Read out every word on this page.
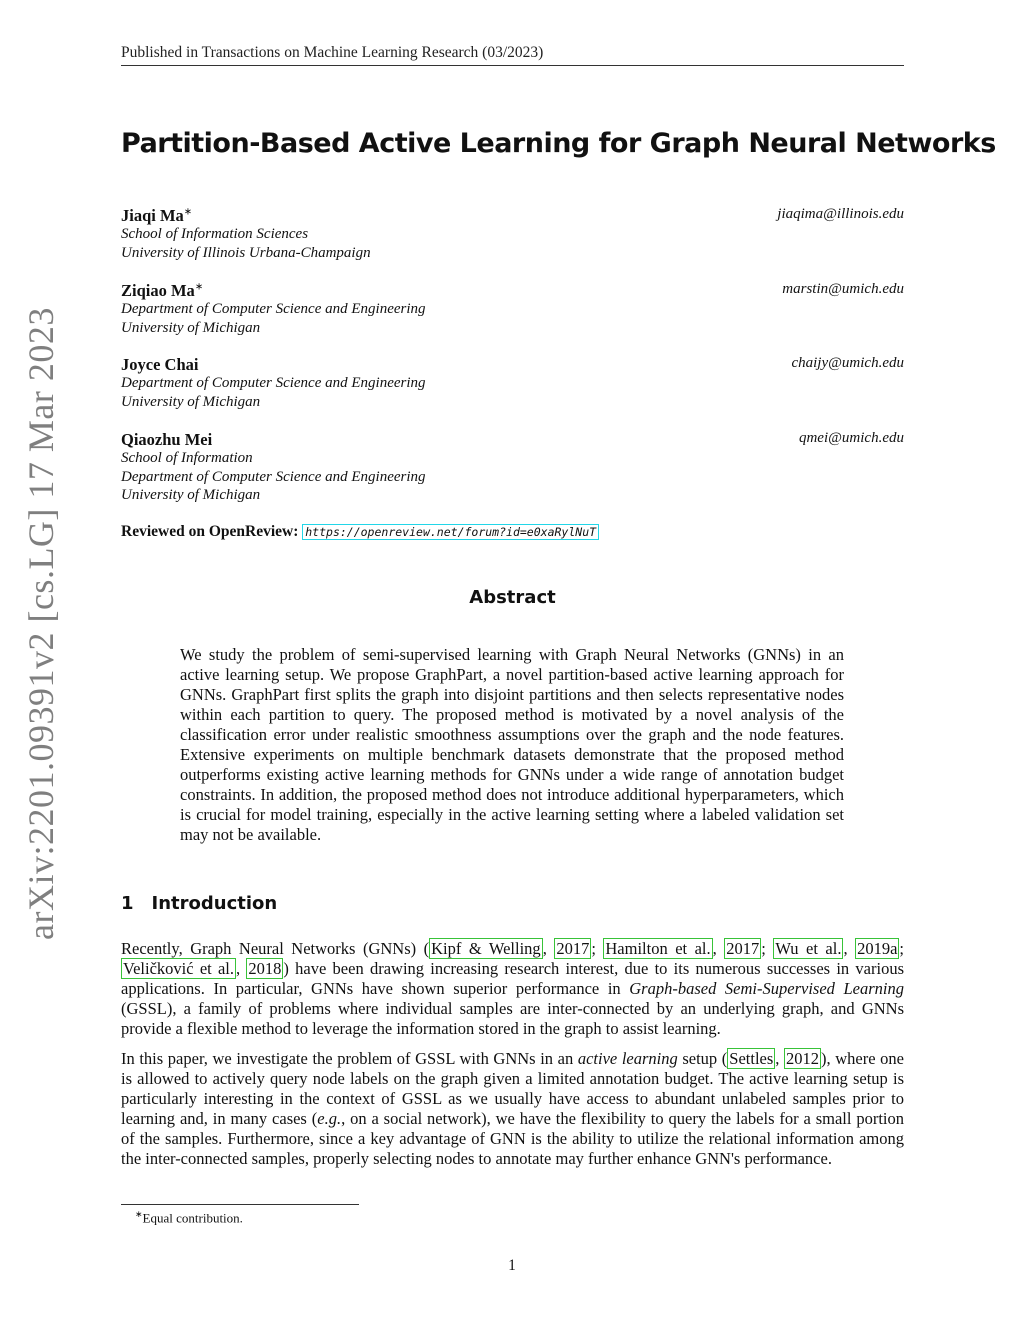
Published in Transactions on Machine Learning Research (03/2023)
arXiv:2201.09391v2 [cs.LG] 17 Mar 2023
Partition-Based Active Learning for Graph Neural Networks
Jiaqi Ma∗	jiaqima@illinois.edu
School of Information Sciences
University of Illinois Urbana-Champaign
Ziqiao Ma∗	marstin@umich.edu
Department of Computer Science and Engineering
University of Michigan
Joyce Chai	chaijy@umich.edu
Department of Computer Science and Engineering
University of Michigan
Qiaozhu Mei	qmei@umich.edu
School of Information
Department of Computer Science and Engineering
University of Michigan
Reviewed on OpenReview: https://openreview.net/forum?id=e0xaRylNuT
Abstract

We study the problem of semi-supervised learning with Graph Neural Networks (GNNs) in an active learning setup. We propose GraphPart, a novel partition-based active learning approach for GNNs. GraphPart first splits the graph into disjoint partitions and then selects representative nodes within each partition to query. The proposed method is motivated by a novel analysis of the classification error under realistic smoothness assumptions over the graph and the node features. Extensive experiments on multiple benchmark datasets demonstrate that the proposed method outperforms existing active learning methods for GNNs under a wide range of annotation budget constraints. In addition, the proposed method does not introduce additional hyperparameters, which is crucial for model training, especially in the active learning setting where a labeled validation set may not be available.

1 Introduction

Recently, Graph Neural Networks (GNNs) ( Kipf & Welling , 2017 ; Hamilton et al. , 2017 ; Wu et al. , 2019a ; Veličković et al. , 2018 ) have been drawing increasing research interest, due to its numerous successes in various applications. In particular, GNNs have shown superior performance in Graph-based Semi-Supervised Learning (GSSL), a family of problems where individual samples are inter-connected by an underlying graph, and GNNs provide a flexible method to leverage the information stored in the graph to assist learning.

In this paper, we investigate the problem of GSSL with GNNs in an active learning setup ( Settles , 2012 ), where one is allowed to actively query node labels on the graph given a limited annotation budget. The active learning setup is particularly interesting in the context of GSSL as we usually have access to abundant unlabeled samples prior to learning and, in many cases (e.g., on a social network), we have the flexibility to query the labels for a small portion of the samples. Furthermore, since a key advantage of GNN is the ability to utilize the relational information among the inter-connected samples, properly selecting nodes to annotate may further enhance GNN's performance.

∗Equal contribution.
1
